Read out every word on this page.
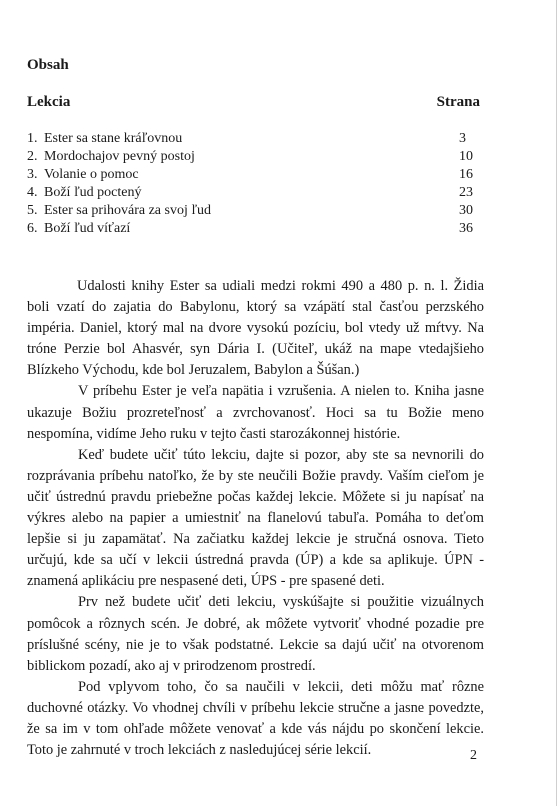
Obsah
Lekcia	Strana
1. Ester sa stane kráľovnou	3
2. Mordochajov pevný postoj	10
3. Volanie o pomoc	16
4. Boží ľud poctený	23
5. Ester sa prihovára za svoj ľud	30
6. Boží ľud víťazí	36

Udalosti knihy Ester sa udiali medzi rokmi 490 a 480 p. n. l. Židia boli vzatí do zajatia do Babylonu, ktorý sa vzápätí stal časťou perzského impéria. Daniel, ktorý mal na dvore vysokú pozíciu, bol vtedy už mŕtvy. Na tróne Perzie bol Ahasvér, syn Dária I. (Učiteľ, ukáž na mape vtedajšieho Blízkeho Východu, kde bol Jeruzalem, Babylon a Šúšan.)

V príbehu Ester je veľa napätia i vzrušenia. A nielen to. Kniha jasne ukazuje Božiu prozreteľnosť a zvrchovanosť. Hoci sa tu Božie meno nespomína, vidíme Jeho ruku v tejto časti starozákonnej histórie.

Keď budete učiť túto lekciu, dajte si pozor, aby ste sa nevnorili do rozprávania príbehu natoľko, že by ste neučili Božie pravdy. Vaším cieľom je učiť ústrednú pravdu priebežne počas každej lekcie. Môžete si ju napísať na výkres alebo na papier a umiestniť na flanelovú tabuľa. Pomáha to deťom lepšie si ju zapamätať. Na začiatku každej lekcie je stručná osnova. Tieto určujú, kde sa učí v lekcii ústredná pravda (ÚP) a kde sa aplikuje. ÚPN - znamená aplikáciu pre nespasené deti, ÚPS - pre spasené deti.

Prv než budete učiť deti lekciu, vyskúšajte si použitie vizuálnych pomôcok a rôznych scén. Je dobré, ak môžete vytvoriť vhodné pozadie pre príslušné scény, nie je to však podstatné. Lekcie sa dajú učiť na otvorenom biblickom pozadí, ako aj v prirodzenom prostredí.

Pod vplyvom toho, čo sa naučili v lekcii, deti môžu mať rôzne duchovné otázky. Vo vhodnej chvíli v príbehu lekcie stručne a jasne povedzte, že sa im v tom ohľade môžete venovať a kde vás nájdu po skončení lekcie. Toto je zahrnuté v troch lekciách z nasledujúcej série lekcií.	2
